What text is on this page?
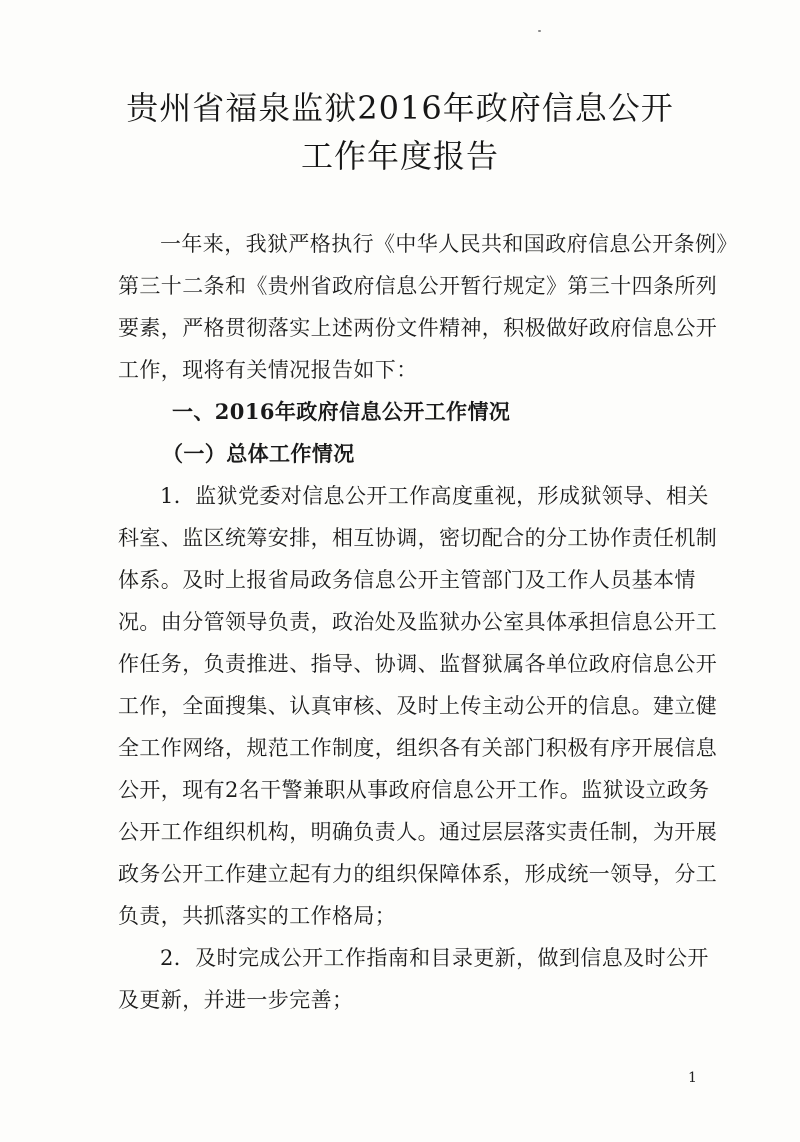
贵州省福泉监狱2016年政府信息公开
工作年度报告
一年来，我狱严格执行《中华人民共和国政府信息公开条例》
第三十二条和《贵州省政府信息公开暂行规定》第三十四条所列
要素，严格贯彻落实上述两份文件精神，积极做好政府信息公开
工作，现将有关情况报告如下：
一、2016年政府信息公开工作情况
（一）总体工作情况
1．监狱党委对信息公开工作高度重视，形成狱领导、相关
科室、监区统筹安排，相互协调，密切配合的分工协作责任机制
体系。及时上报省局政务信息公开主管部门及工作人员基本情
况。由分管领导负责，政治处及监狱办公室具体承担信息公开工
作任务，负责推进、指导、协调、监督狱属各单位政府信息公开
工作，全面搜集、认真审核、及时上传主动公开的信息。建立健
全工作网络，规范工作制度，组织各有关部门积极有序开展信息
公开，现有2名干警兼职从事政府信息公开工作。监狱设立政务
公开工作组织机构，明确负责人。通过层层落实责任制，为开展
政务公开工作建立起有力的组织保障体系，形成统一领导，分工
负责，共抓落实的工作格局；
2．及时完成公开工作指南和目录更新，做到信息及时公开
及更新，并进一步完善；
1
